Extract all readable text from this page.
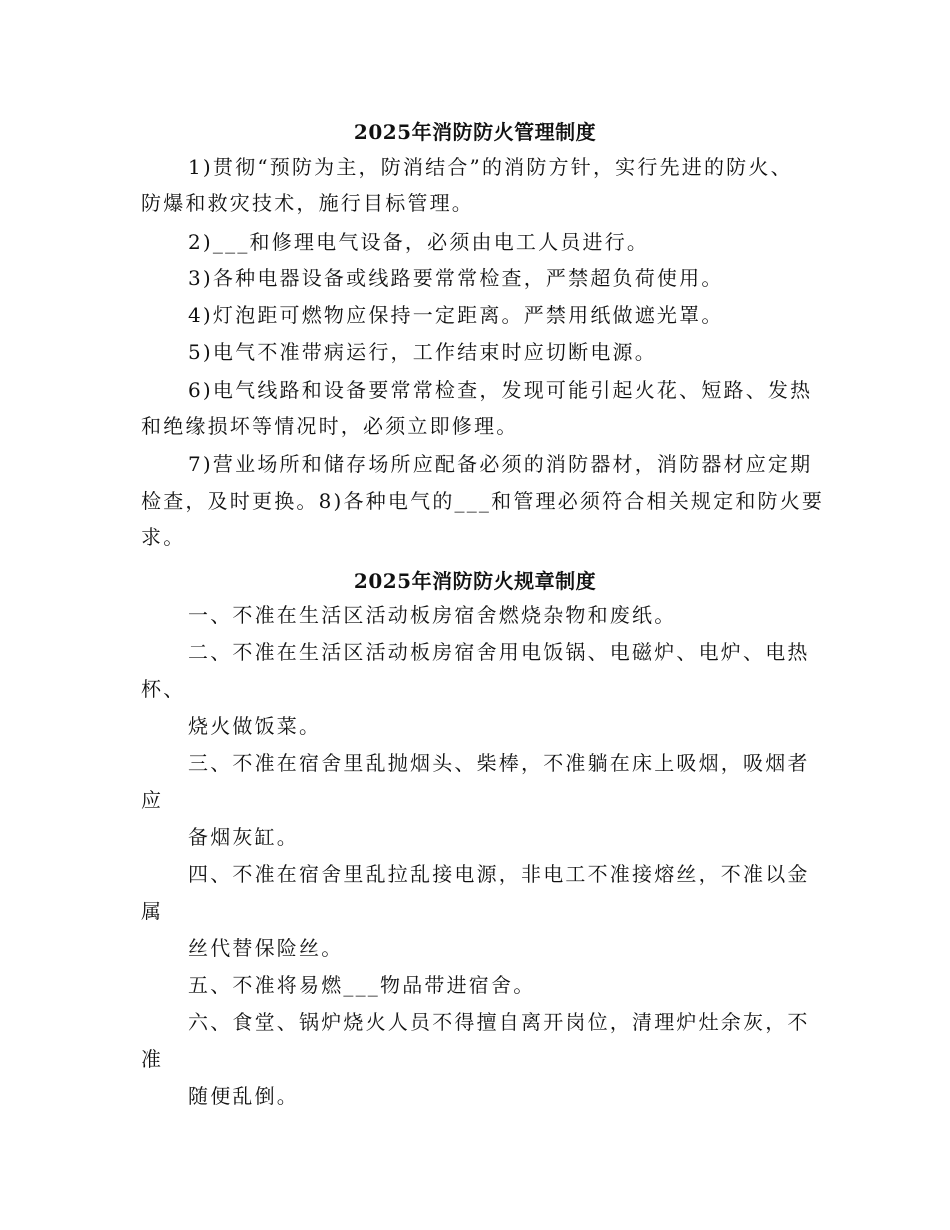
2025年消防防火管理制度
1)贯彻“预防为主，防消结合”的消防方针，实行先进的防火、
防爆和救灾技术，施行目标管理。
2)___和修理电气设备，必须由电工人员进行。
3)各种电器设备或线路要常常检查，严禁超负荷使用。
4)灯泡距可燃物应保持一定距离。严禁用纸做遮光罩。
5)电气不准带病运行，工作结束时应切断电源。
6)电气线路和设备要常常检查，发现可能引起火花、短路、发热
和绝缘损坏等情况时，必须立即修理。
7)营业场所和储存场所应配备必须的消防器材，消防器材应定期
检查，及时更换。8)各种电气的___和管理必须符合相关规定和防火要
求。
2025年消防防火规章制度
一、不准在生活区活动板房宿舍燃烧杂物和废纸。
二、不准在生活区活动板房宿舍用电饭锅、电磁炉、电炉、电热
杯、
烧火做饭菜。
三、不准在宿舍里乱抛烟头、柴棒，不准躺在床上吸烟，吸烟者
应
备烟灰缸。
四、不准在宿舍里乱拉乱接电源，非电工不准接熔丝，不准以金
属
丝代替保险丝。
五、不准将易燃___物品带进宿舍。
六、食堂、锅炉烧火人员不得擅自离开岗位，清理炉灶余灰，不
准
随便乱倒。
